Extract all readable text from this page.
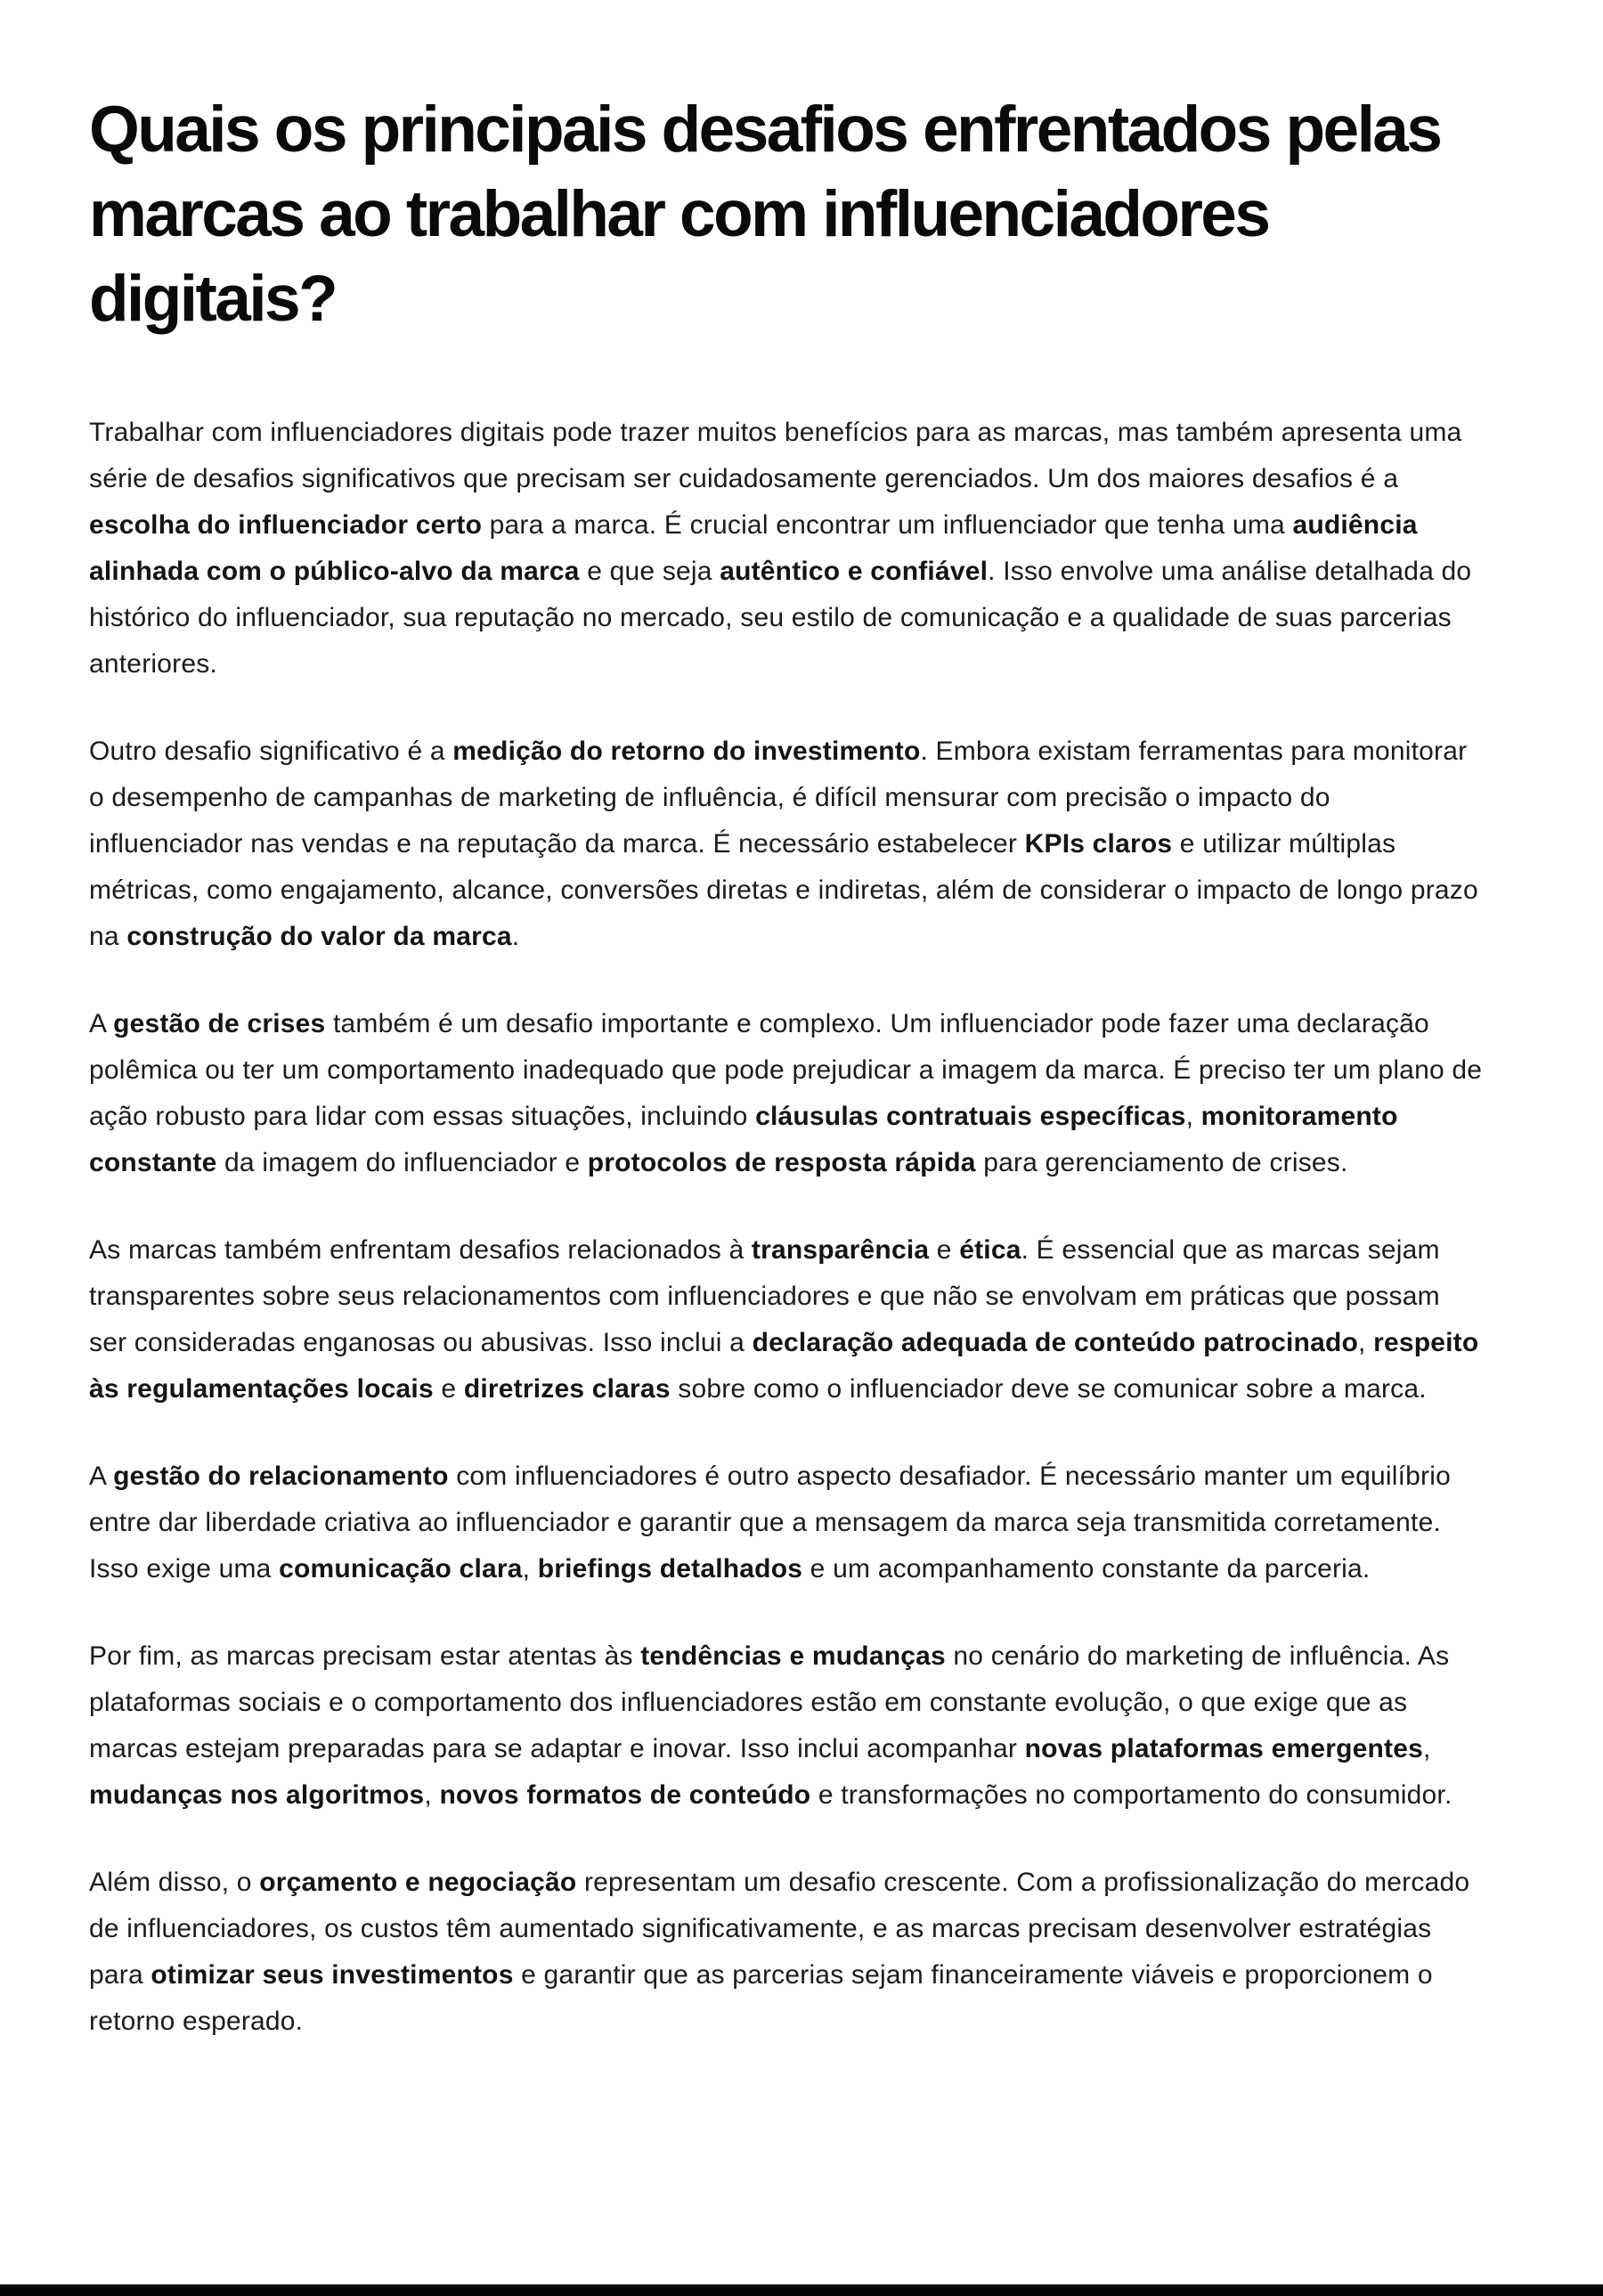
Quais os principais desafios enfrentados pelas marcas ao trabalhar com influenciadores digitais?

Trabalhar com influenciadores digitais pode trazer muitos benefícios para as marcas, mas também apresenta uma série de desafios significativos que precisam ser cuidadosamente gerenciados. Um dos maiores desafios é a escolha do influenciador certo para a marca. É crucial encontrar um influenciador que tenha uma audiência alinhada com o público-alvo da marca e que seja autêntico e confiável. Isso envolve uma análise detalhada do histórico do influenciador, sua reputação no mercado, seu estilo de comunicação e a qualidade de suas parcerias anteriores.

Outro desafio significativo é a medição do retorno do investimento. Embora existam ferramentas para monitorar o desempenho de campanhas de marketing de influência, é difícil mensurar com precisão o impacto do influenciador nas vendas e na reputação da marca. É necessário estabelecer KPIs claros e utilizar múltiplas métricas, como engajamento, alcance, conversões diretas e indiretas, além de considerar o impacto de longo prazo na construção do valor da marca.

A gestão de crises também é um desafio importante e complexo. Um influenciador pode fazer uma declaração polêmica ou ter um comportamento inadequado que pode prejudicar a imagem da marca. É preciso ter um plano de ação robusto para lidar com essas situações, incluindo cláusulas contratuais específicas, monitoramento constante da imagem do influenciador e protocolos de resposta rápida para gerenciamento de crises.

As marcas também enfrentam desafios relacionados à transparência e ética. É essencial que as marcas sejam transparentes sobre seus relacionamentos com influenciadores e que não se envolvam em práticas que possam ser consideradas enganosas ou abusivas. Isso inclui a declaração adequada de conteúdo patrocinado, respeito às regulamentações locais e diretrizes claras sobre como o influenciador deve se comunicar sobre a marca.

A gestão do relacionamento com influenciadores é outro aspecto desafiador. É necessário manter um equilíbrio entre dar liberdade criativa ao influenciador e garantir que a mensagem da marca seja transmitida corretamente. Isso exige uma comunicação clara, briefings detalhados e um acompanhamento constante da parceria.

Por fim, as marcas precisam estar atentas às tendências e mudanças no cenário do marketing de influência. As plataformas sociais e o comportamento dos influenciadores estão em constante evolução, o que exige que as marcas estejam preparadas para se adaptar e inovar. Isso inclui acompanhar novas plataformas emergentes, mudanças nos algoritmos, novos formatos de conteúdo e transformações no comportamento do consumidor.

Além disso, o orçamento e negociação representam um desafio crescente. Com a profissionalização do mercado de influenciadores, os custos têm aumentado significativamente, e as marcas precisam desenvolver estratégias para otimizar seus investimentos e garantir que as parcerias sejam financeiramente viáveis e proporcionem o retorno esperado.
